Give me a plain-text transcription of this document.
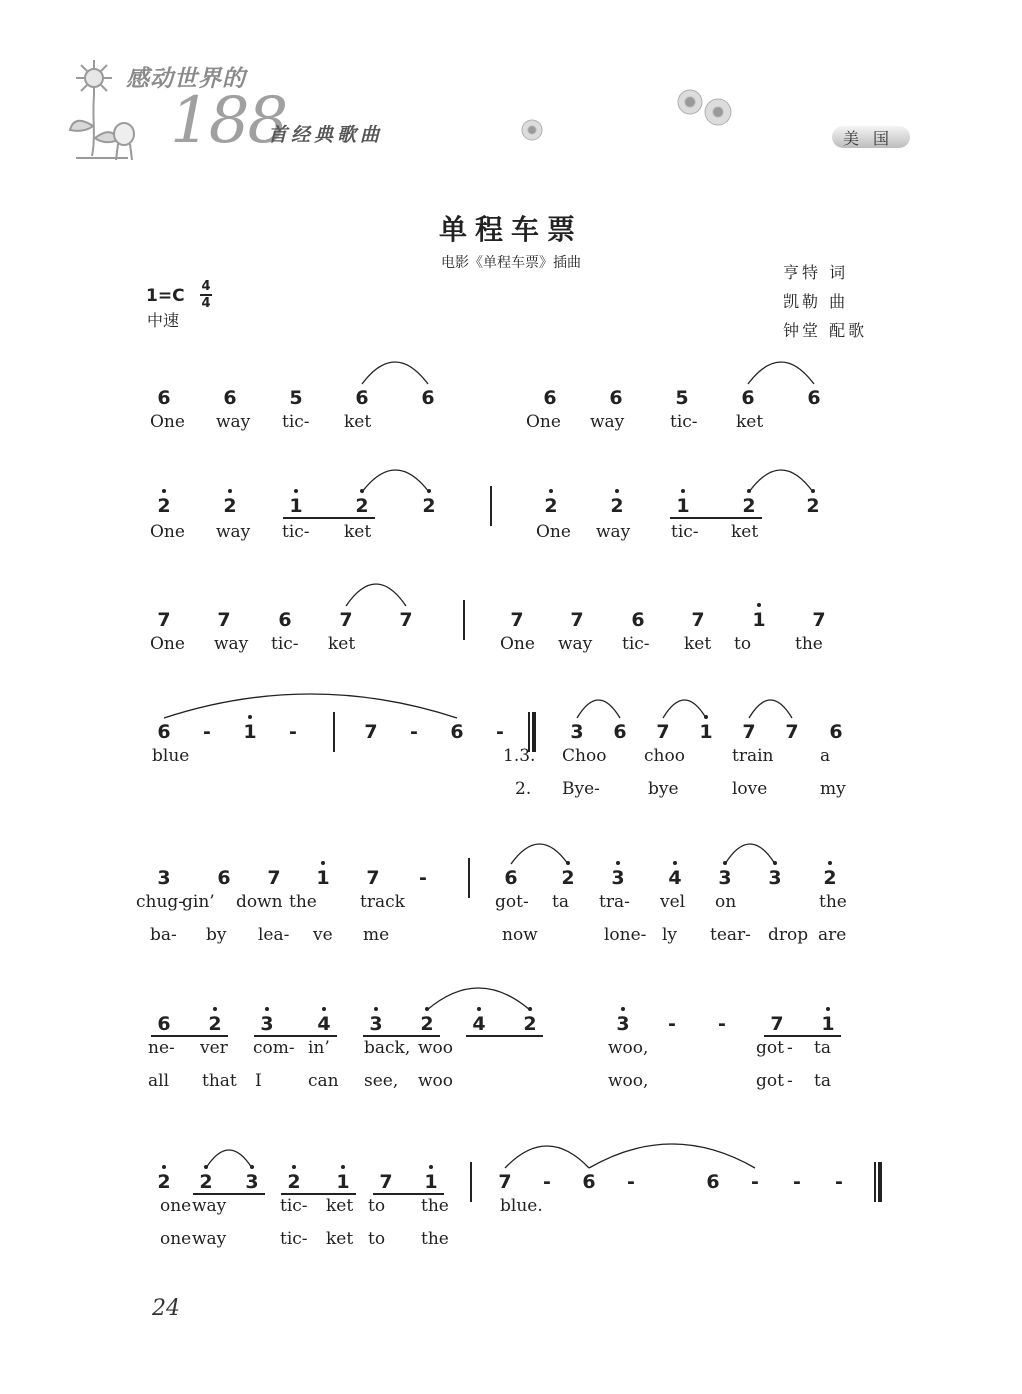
感动世界的
188
首经典歌曲	美国
单程车票
电影《单程车票》插曲	亨特 词
凯勒 曲
钟堂 配歌
1=C 4
4
中速
6	6	5	6	6	6	6	5	6	6
2	2	1	2	2	2	2	1	2	2
7	7	6	7	7	7	7	6	7	1	7
6	-	1	-	7	-	6	-	3	6	7	1	7	7	6
3	6	7	1	7	-	6	2	3	4	3	3	2
6	2	3	4	3	2	4	2	3	-	-	7	1
2	2	3	2	1	7	1	7	-	6	-	6	-	-	-
One way tic- ket	One way	tic- ket
One way tic- ket	One way tic- ket
One way tic- ket	One way tic- ket to	the
blue	1.3. Choo choo	train	a
2. Bye-	bye	love	my
chug-
gin’ down the	track	got- ta tra- vel on	the
ba- by lea- ve me	now	lone- ly tear- drop are
ne- ver com- in’ back, woo	woo,	got - ta
all that I	can see, woo	woo,	got - ta
one way	tic- ket to the	blue.
one way	tic- ket to the
24
